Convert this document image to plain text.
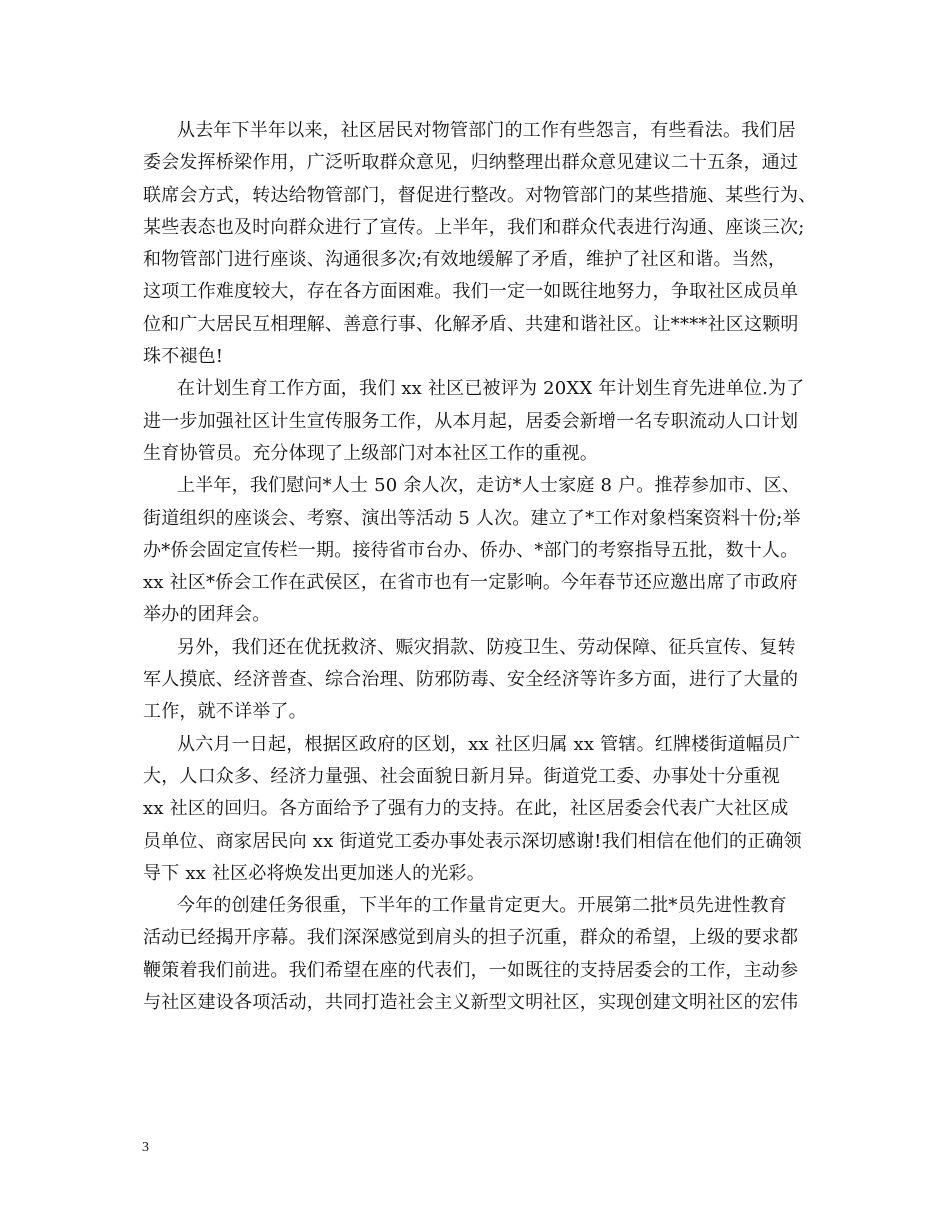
从去年下半年以来，社区居民对物管部门的工作有些怨言，有些看法。我们居
委会发挥桥梁作用，广泛听取群众意见，归纳整理出群众意见建议二十五条，通过
联席会方式，转达给物管部门，督促进行整改。对物管部门的某些措施、某些行为、
某些表态也及时向群众进行了宣传。上半年，我们和群众代表进行沟通、座谈三次;
和物管部门进行座谈、沟通很多次;有效地缓解了矛盾，维护了社区和谐。当然，
这项工作难度较大，存在各方面困难。我们一定一如既往地努力，争取社区成员单
位和广大居民互相理解、善意行事、化解矛盾、共建和谐社区。让****社区这颗明
珠不褪色!
在计划生育工作方面，我们 xx 社区已被评为 20XX 年计划生育先进单位.为了
进一步加强社区计生宣传服务工作，从本月起，居委会新增一名专职流动人口计划
生育协管员。充分体现了上级部门对本社区工作的重视。
上半年，我们慰问*人士 50 余人次，走访*人士家庭 8 户。推荐参加市、区、
街道组织的座谈会、考察、演出等活动 5 人次。建立了*工作对象档案资料十份;举
办*侨会固定宣传栏一期。接待省市台办、侨办、*部门的考察指导五批，数十人。
xx 社区*侨会工作在武侯区，在省市也有一定影响。今年春节还应邀出席了市政府
举办的团拜会。
另外，我们还在优抚救济、赈灾捐款、防疫卫生、劳动保障、征兵宣传、复转
军人摸底、经济普查、综合治理、防邪防毒、安全经济等许多方面，进行了大量的
工作，就不详举了。
从六月一日起，根据区政府的区划，xx 社区归属 xx 管辖。红牌楼街道幅员广
大，人口众多、经济力量强、社会面貌日新月异。街道党工委、办事处十分重视
xx 社区的回归。各方面给予了强有力的支持。在此，社区居委会代表广大社区成
员单位、商家居民向 xx 街道党工委办事处表示深切感谢!我们相信在他们的正确领
导下 xx 社区必将焕发出更加迷人的光彩。
今年的创建任务很重，下半年的工作量肯定更大。开展第二批*员先进性教育
活动已经揭开序幕。我们深深感觉到肩头的担子沉重，群众的希望，上级的要求都
鞭策着我们前进。我们希望在座的代表们，一如既往的支持居委会的工作，主动参
与社区建设各项活动，共同打造社会主义新型文明社区，实现创建文明社区的宏伟
3
